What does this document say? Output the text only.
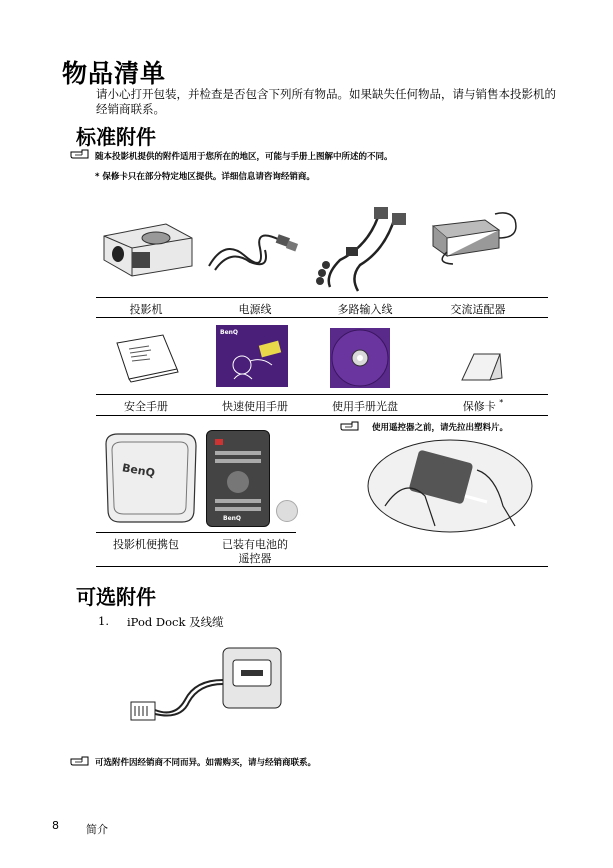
物品清单
请小心打开包装，并检查是否包含下列所有物品。如果缺失任何物品，请与销售本投影机的经销商联系。
标准附件
随本投影机提供的附件适用于您所在的地区，可能与手册上图解中所述的不同。
* 保修卡只在部分特定地区提供。详细信息请咨询经销商。
投影机	电源线	多路输入线	交流适配器
BenQ
安全手册	快速使用手册	使用手册光盘	保修卡 *
BenQ
BenQ
使用遥控器之前，请先拉出塑料片。
投影机便携包	已装有电池的
遥控器
可选附件
1. iPod Dock 及线缆
可选附件因经销商不同而异。如需购买，请与经销商联系。
8 简介
